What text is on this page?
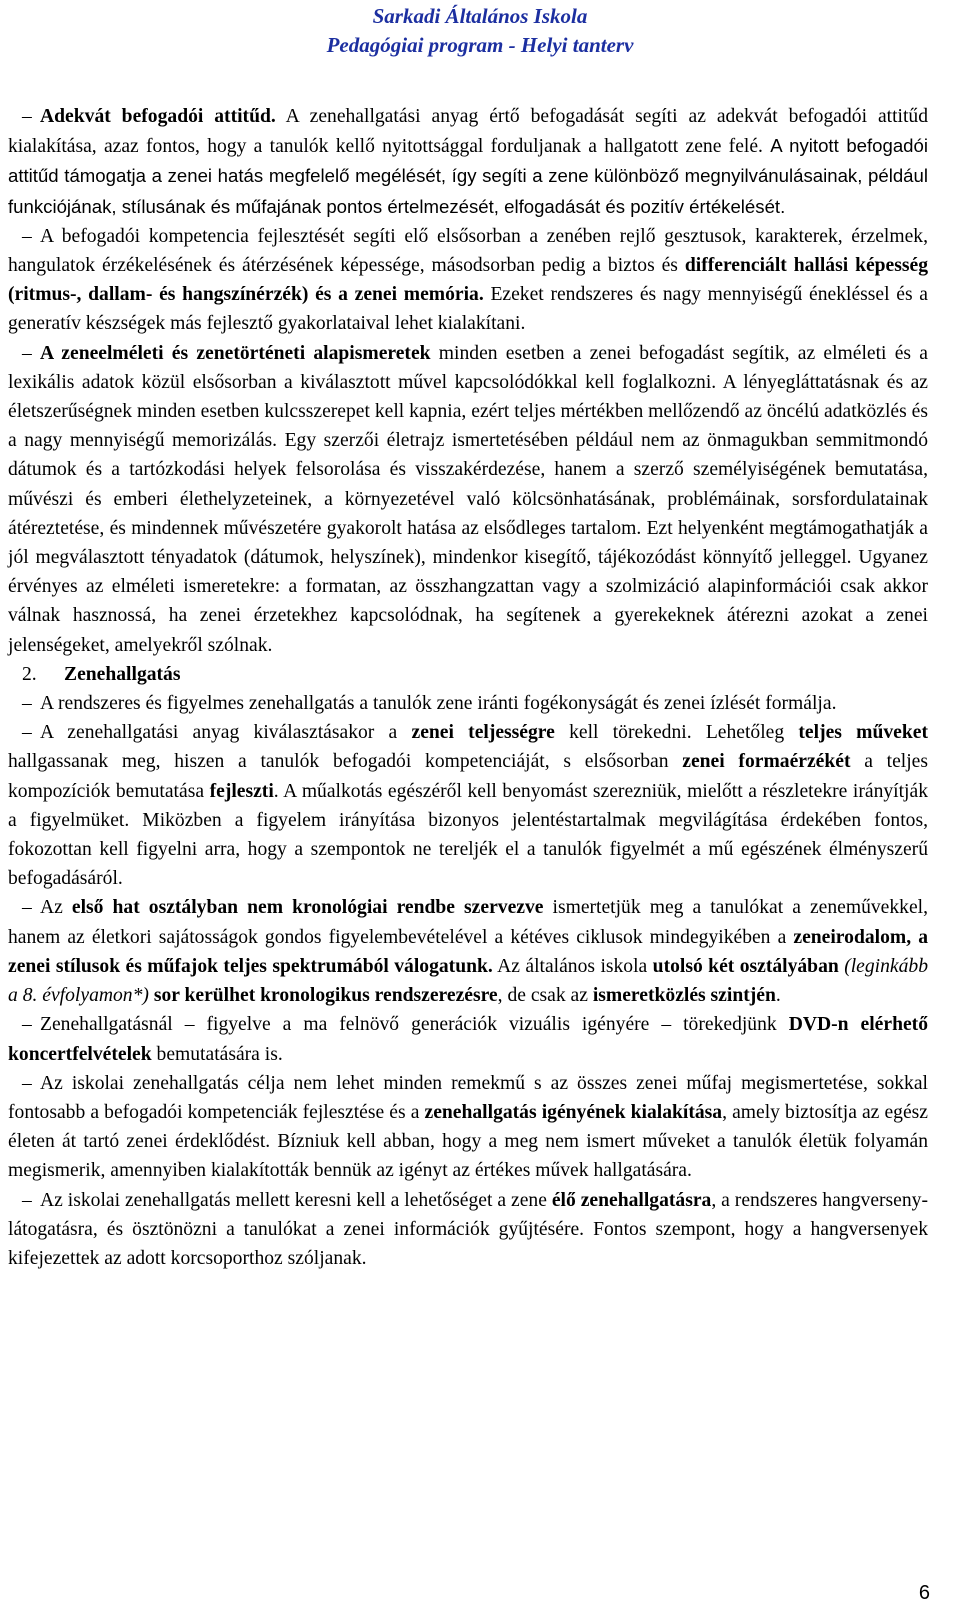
Sarkadi Általános Iskola
Pedagógiai program - Helyi tanterv

– Adekvát befogadói attitűd. A zenehallgatási anyag értő befogadását segíti az adekvát befogadói attitűd kialakítása, azaz fontos, hogy a tanulók kellő nyitottsággal forduljanak a hallgatott zene felé. A nyitott befogadói attitűd támogatja a zenei hatás megfelelő megélését, így segíti a zene különböző megnyilvánulásainak, például funkciójának, stílusának és műfajának pontos értelmezését, elfogadását és pozitív értékelését.

– A befogadói kompetencia fejlesztését segíti elő elsősorban a zenében rejlő gesztusok, karakterek, érzelmek, hangulatok érzékelésének és átérzésének képessége, másodsorban pedig a biztos és differenciált hallási képesség (ritmus-, dallam- és hangszínérzék) és a zenei memória. Ezeket rendszeres és nagy mennyiségű énekléssel és a generatív készségek más fejlesztő gyakorlataival lehet kialakítani.

– A zeneelméleti és zenetörténeti alapismeretek minden esetben a zenei befogadást segítik, az elméleti és a lexikális adatok közül elsősorban a kiválasztott művel kapcsolódókkal kell foglalkozni. A lényegláttatásnak és az életszerűségnek minden esetben kulcsszerepet kell kapnia, ezért teljes mértékben mellőzendő az öncélú adatközlés és a nagy mennyiségű memorizálás. Egy szerzői életrajz ismertetésében például nem az önmagukban semmitmondó dátumok és a tartózkodási helyek felsorolása és visszakérdezése, hanem a szerző személyiségének bemutatása, művészi és emberi élethelyzeteinek, a környezetével való kölcsönhatásának, problémáinak, sorsfordulatainak átéreztetése, és mindennek művészetére gyakorolt hatása az elsődleges tartalom. Ezt helyenként megtámogathatják a jól megválasztott tényadatok (dátumok, helyszínek), mindenkor kisegítő, tájékozódást könnyítő jelleggel. Ugyanez érvényes az elméleti ismeretekre: a formatan, az összhangzattan vagy a szolmizáció alapinformációi csak akkor válnak hasznossá, ha zenei érzetekhez kapcsolódnak, ha segítenek a gyerekeknek átérezni azokat a zenei jelenségeket, amelyekről szólnak.

2. Zenehallgatás

– A rendszeres és figyelmes zenehallgatás a tanulók zene iránti fogékonyságát és zenei ízlését formálja.

– A zenehallgatási anyag kiválasztásakor a zenei teljességre kell törekedni. Lehetőleg teljes műveket hallgassanak meg, hiszen a tanulók befogadói kompetenciáját, s elsősorban zenei formaérzékét a teljes kompozíciók bemutatása fejleszti. A műalkotás egészéről kell benyomást szerezniük, mielőtt a részletekre irányítják a figyelmüket. Miközben a figyelem irányítása bizonyos jelentéstartalmak megvilágítása érdekében fontos, fokozottan kell figyelni arra, hogy a szempontok ne tereljék el a tanulók figyelmét a mű egészének élményszerű befogadásáról.

– Az első hat osztályban nem kronológiai rendbe szervezve ismertetjük meg a tanulókat a zeneművekkel, hanem az életkori sajátosságok gondos figyelembevételével a kétéves ciklusok mindegyikében a zeneirodalom, a zenei stílusok és műfajok teljes spektrumából válogatunk. Az általános iskola utolsó két osztályában (leginkább a 8. évfolyamon*) sor kerülhet kronologikus rendszerezésre, de csak az ismeretközlés szintjén.

– Zenehallgatásnál – figyelve a ma felnövő generációk vizuális igényére – törekedjünk DVD-n elérhető koncertfelvételek bemutatására is.

– Az iskolai zenehallgatás célja nem lehet minden remekmű s az összes zenei műfaj megismertetése, sokkal fontosabb a befogadói kompetenciák fejlesztése és a zenehallgatás igényének kialakítása, amely biztosítja az egész életen át tartó zenei érdeklődést. Bízniuk kell abban, hogy a meg nem ismert műveket a tanulók életük folyamán megismerik, amennyiben kialakították bennük az igényt az értékes művek hallgatására.

– Az iskolai zenehallgatás mellett keresni kell a lehetőséget a zene élő zenehallgatásra, a rendszeres hangverseny-látogatásra, és ösztönözni a tanulókat a zenei információk gyűjtésére. Fontos szempont, hogy a hangversenyek kifejezettek az adott korcsoporthoz szóljanak.

6
